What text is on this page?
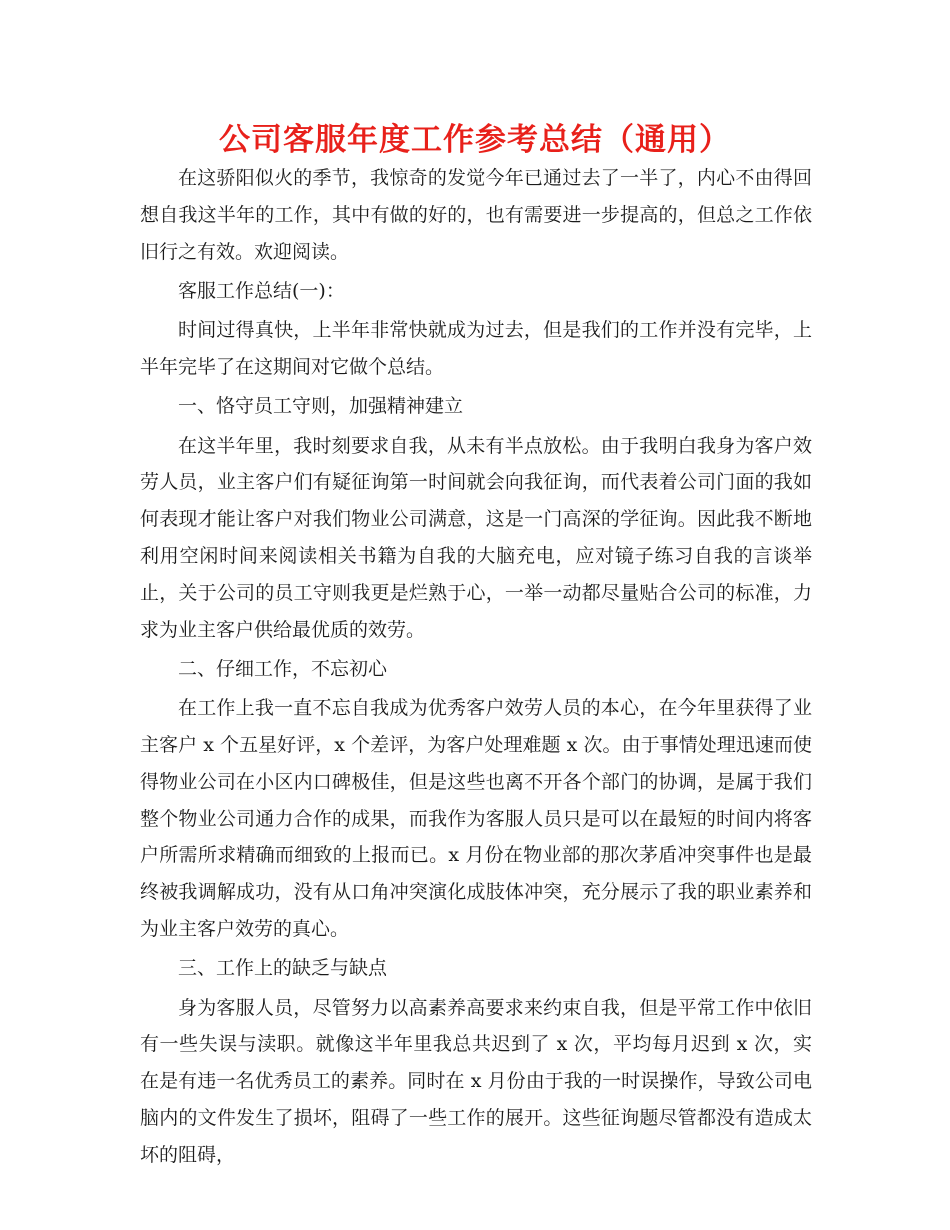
公司客服年度工作参考总结（通用）

在这骄阳似火的季节，我惊奇的发觉今年已通过去了一半了，内心不由得回想自我这半年的工作，其中有做的好的，也有需要进一步提高的，但总之工作依旧行之有效。欢迎阅读。

客服工作总结(一)：

时间过得真快，上半年非常快就成为过去，但是我们的工作并没有完毕，上半年完毕了在这期间对它做个总结。

一、恪守员工守则，加强精神建立

在这半年里，我时刻要求自我，从未有半点放松。由于我明白我身为客户效劳人员，业主客户们有疑征询第一时间就会向我征询，而代表着公司门面的我如何表现才能让客户对我们物业公司满意，这是一门高深的学征询。因此我不断地利用空闲时间来阅读相关书籍为自我的大脑充电，应对镜子练习自我的言谈举止，关于公司的员工守则我更是烂熟于心，一举一动都尽量贴合公司的标准，力求为业主客户供给最优质的效劳。

二、仔细工作，不忘初心

在工作上我一直不忘自我成为优秀客户效劳人员的本心，在今年里获得了业主客户 x 个五星好评，x 个差评，为客户处理难题 x 次。由于事情处理迅速而使得物业公司在小区内口碑极佳，但是这些也离不开各个部门的协调，是属于我们整个物业公司通力合作的成果，而我作为客服人员只是可以在最短的时间内将客户所需所求精确而细致的上报而已。x 月份在物业部的那次茅盾冲突事件也是最终被我调解成功，没有从口角冲突演化成肢体冲突，充分展示了我的职业素养和为业主客户效劳的真心。

三、工作上的缺乏与缺点

身为客服人员，尽管努力以高素养高要求来约束自我，但是平常工作中依旧有一些失误与渎职。就像这半年里我总共迟到了 x 次，平均每月迟到 x 次，实在是有违一名优秀员工的素养。同时在 x 月份由于我的一时误操作，导致公司电脑内的文件发生了损坏，阻碍了一些工作的展开。这些征询题尽管都没有造成太坏的阻碍，
